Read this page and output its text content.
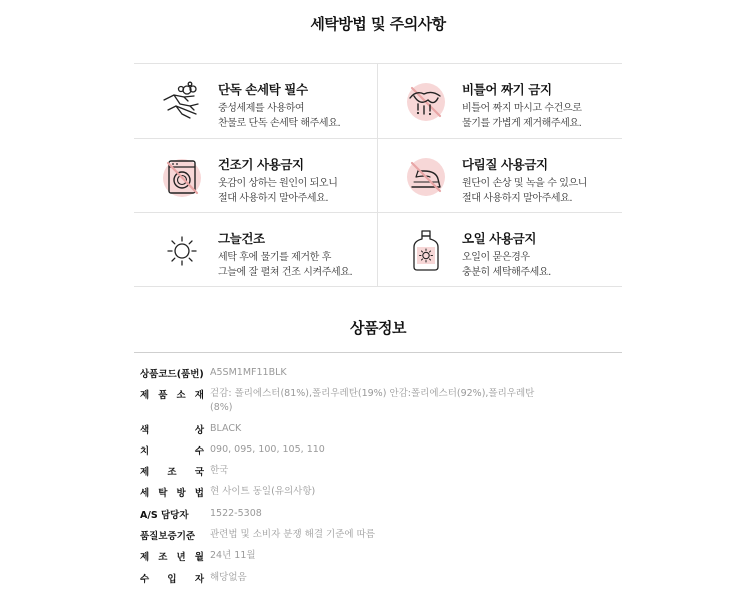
세탁방법 및 주의사항
단독 손세탁 필수
중성세제를 사용하여
찬물로 단독 손세탁 해주세요.
비틀어 짜기 금지
비틀어 짜지 마시고 수건으로
물기를 가볍게 제거해주세요.
건조기 사용금지
옷감이 상하는 원인이 되오니
절대 사용하지 말아주세요.
다림질 사용금지
원단이 손상 및 녹을 수 있으니
절대 사용하지 말아주세요.
그늘건조
세탁 후에 물기를 제거한 후
그늘에 잘 펼쳐 건조 시켜주세요.
오일 사용금지
오일이 묻은경우
충분히 세탁해주세요.
상품정보
상품코드(품번) A5SM1MF11BLK
제 품 소 재 겉감: 폴리에스터(81%),폴리우레탄(19%) 안감:폴리에스터(92%),폴리우레탄(8%)
색	상 BLACK
치	수 090, 095, 100, 105, 110
제 조 국 한국
세 탁 방 법 현 사이트 동일(유의사항)
A/S 담당자	1522-5308
품질보증기준	관련법 및 소비자 분쟁 해결 기준에 따름
제 조 년 월 24년 11월
수 입 자 해당없음
